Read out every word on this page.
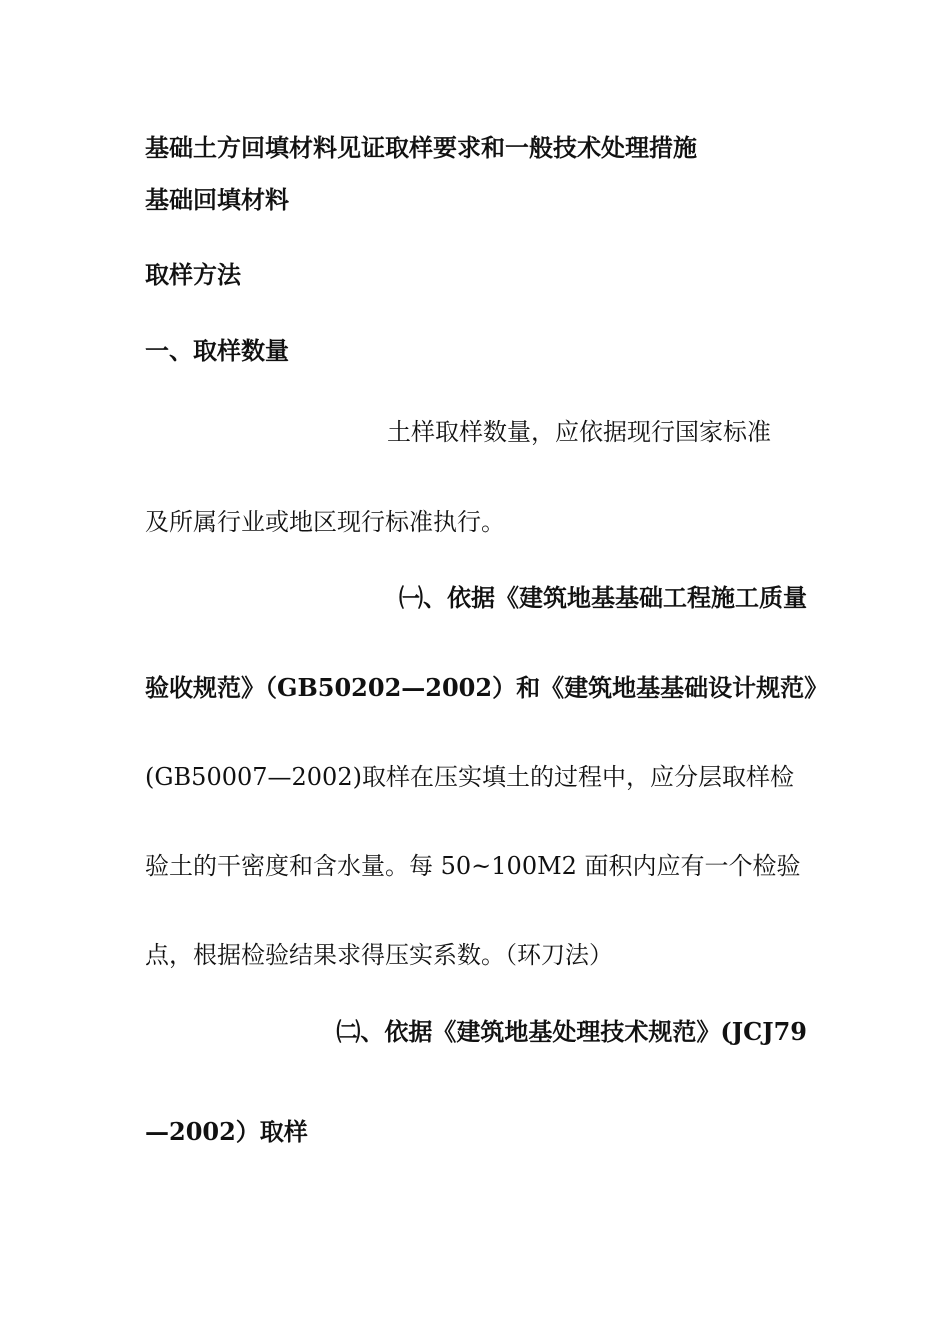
基础土方回填材料见证取样要求和一般技术处理措施
基础回填材料
取样方法
一、取样数量
土样取样数量，应依据现行国家标准
及所属行业或地区现行标准执行。
㈠、依据《建筑地基基础工程施工质量
验收规范》（GB50202—2002）和《建筑地基基础设计规范》
(GB50007—2002)取样在压实填土的过程中，应分层取样检
验土的干密度和含水量。每 50~100M2 面积内应有一个检验
点，根据检验结果求得压实系数。（环刀法）
㈡、依据《建筑地基处理技术规范》(JCJ79
—2002）取样
